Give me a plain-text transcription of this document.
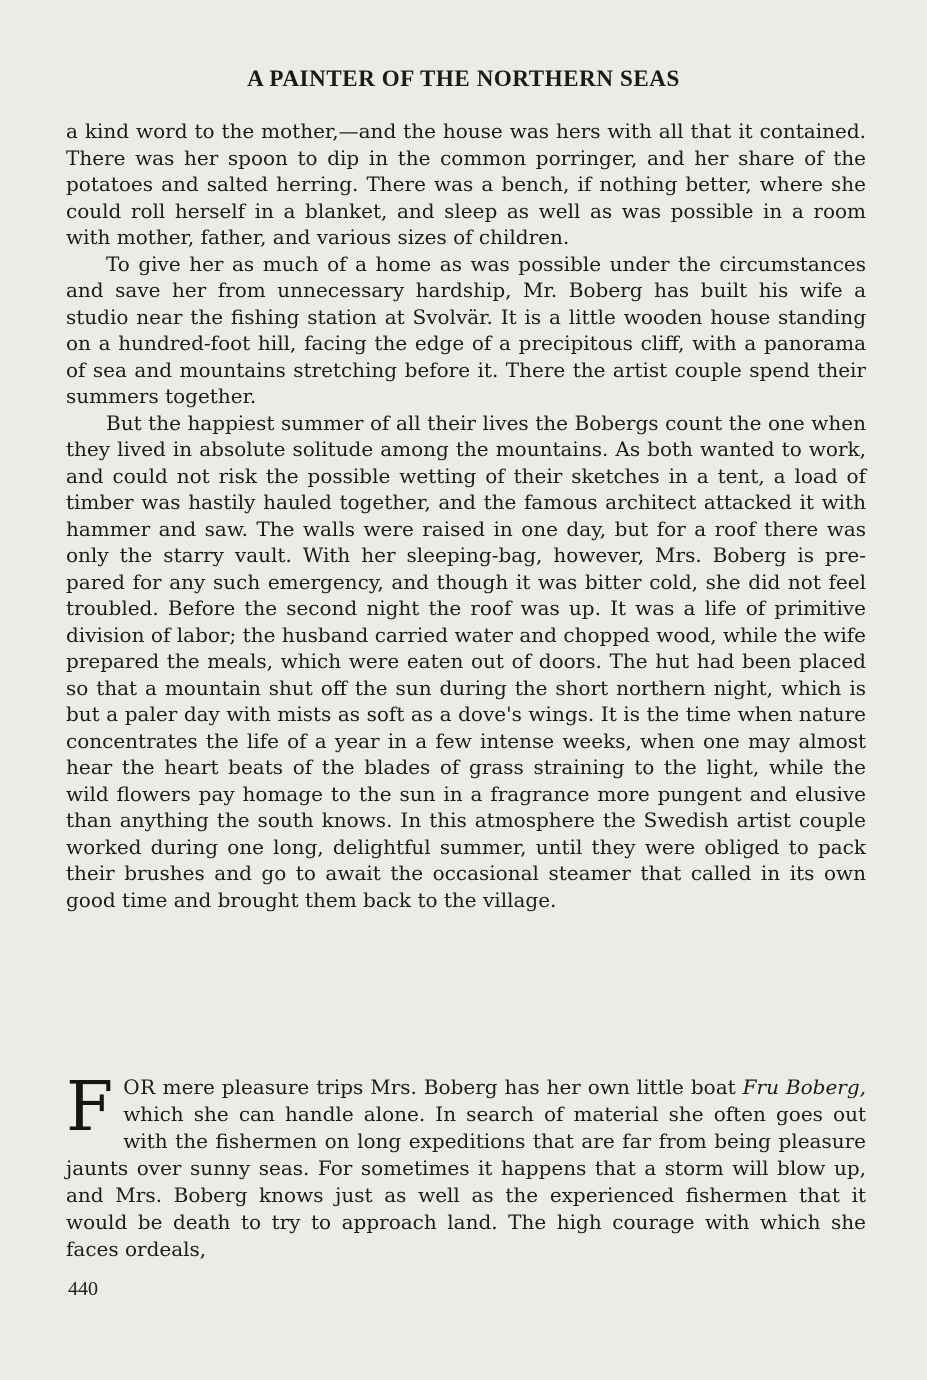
A PAINTER OF THE NORTHERN SEAS

a kind word to the mother,—and the house was hers with all that it contained. There was her spoon to dip in the common porringer, and her share of the potatoes and salted herring. There was a bench, if nothing better, where she could roll herself in a blanket, and sleep as well as was possible in a room with mother, father, and various sizes of children.

To give her as much of a home as was possible under the circumstances and save her from unnecessary hardship, Mr. Boberg has built his wife a studio near the fishing station at Svolvär. It is a little wooden house standing on a hundred-foot hill, facing the edge of a precipitous cliff, with a panorama of sea and mountains stretching before it. There the artist couple spend their summers together.

But the happiest summer of all their lives the Bobergs count the one when they lived in absolute solitude among the mountains. As both wanted to work, and could not risk the possible wetting of their sketches in a tent, a load of timber was hastily hauled together, and the famous architect attacked it with hammer and saw. The walls were raised in one day, but for a roof there was only the starry vault. With her sleeping-bag, however, Mrs. Boberg is prepared for any such emergency, and though it was bitter cold, she did not feel troubled. Before the second night the roof was up. It was a life of primitive division of labor; the husband carried water and chopped wood, while the wife prepared the meals, which were eaten out of doors. The hut had been placed so that a mountain shut off the sun during the short northern night, which is but a paler day with mists as soft as a dove's wings. It is the time when nature concentrates the life of a year in a few intense weeks, when one may almost hear the heart beats of the blades of grass straining to the light, while the wild flowers pay homage to the sun in a fragrance more pungent and elusive than anything the south knows. In this atmosphere the Swedish artist couple worked during one long, delightful summer, until they were obliged to pack their brushes and go to await the occasional steamer that called in its own good time and brought them back to the village.

FOR mere pleasure trips Mrs. Boberg has her own little boat Fru Boberg, which she can handle alone. In search of material she often goes out with the fishermen on long expeditions that are far from being pleasure jaunts over sunny seas. For sometimes it happens that a storm will blow up, and Mrs. Boberg knows just as well as the experienced fishermen that it would be death to try to approach land. The high courage with which she faces ordeals,

440
